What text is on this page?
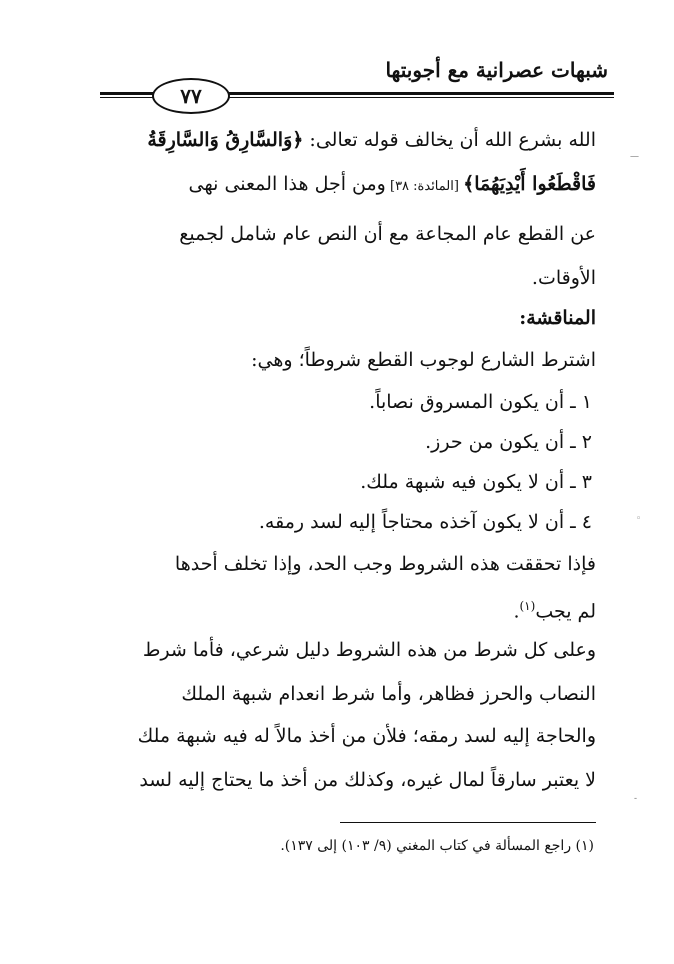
٧٧
شبهات عصرانية مع أجوبتها
الله بشرع الله أن يخالف قوله تعالى: ﴿وَالسَّارِقُ وَالسَّارِقَةُ
فَاقْطَعُوا أَيْدِيَهُمَا﴾ [المائدة: ٣٨] ومن أجل هذا المعنى نهى
عن القطع عام المجاعة مع أن النص عام شامل لجميع
الأوقات.
المناقشة:
اشترط الشارع لوجوب القطع شروطاً؛ وهي:
١ ـ أن يكون المسروق نصاباً.
٢ ـ أن يكون من حرز.
٣ ـ أن لا يكون فيه شبهة ملك.
٤ ـ أن لا يكون آخذه محتاجاً إليه لسد رمقه.
فإذا تحققت هذه الشروط وجب الحد، وإذا تخلف أحدها
لم يجب$^{(١)}$.
وعلى كل شرط من هذه الشروط دليل شرعي، فأما شرط
النصاب والحرز فظاهر، وأما شرط انعدام شبهة الملك
والحاجة إليه لسد رمقه؛ فلأن من أخذ مالاً له فيه شبهة ملك
لا يعتبر سارقاً لمال غيره، وكذلك من أخذ ما يحتاج إليه لسد
(١) راجع المسألة في كتاب المغني (٩/ ١٠٣) إلى ١٣٧).
—
◦
-
